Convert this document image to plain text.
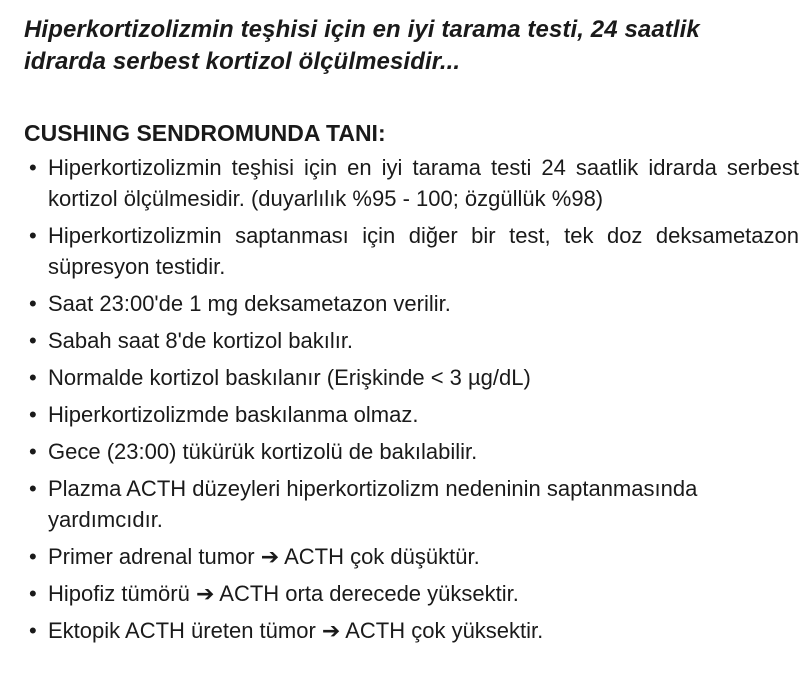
Hiperkortizolizmin teşhisi için en iyi tarama testi, 24 saatlik
idrarda serbest kortizol ölçülmesidir...
CUSHING SENDROMUNDA TANI:
• Hiperkortizolizmin teşhisi için en iyi tarama testi 24 saatlik idrarda serbest kortizol ölçülmesidir. (duyarlılık %95 - 100; özgüllük %98)
• Hiperkortizolizmin saptanması için diğer bir test, tek doz deksametazon süpresyon testidir.
• Saat 23:00'de 1 mg deksametazon verilir.
• Sabah saat 8'de kortizol bakılır.
• Normalde kortizol baskılanır (Erişkinde < 3 µg/dL)
• Hiperkortizolizmde baskılanma olmaz.
• Gece (23:00) tükürük kortizolü de bakılabilir.
• Plazma ACTH düzeyleri hiperkortizolizm nedeninin saptanmasında yardımcıdır.
• Primer adrenal tumor ➔ ACTH çok düşüktür.
• Hipofiz tümörü ➔ ACTH orta derecede yüksektir.
• Ektopik ACTH üreten tümor ➔ ACTH çok yüksektir.
